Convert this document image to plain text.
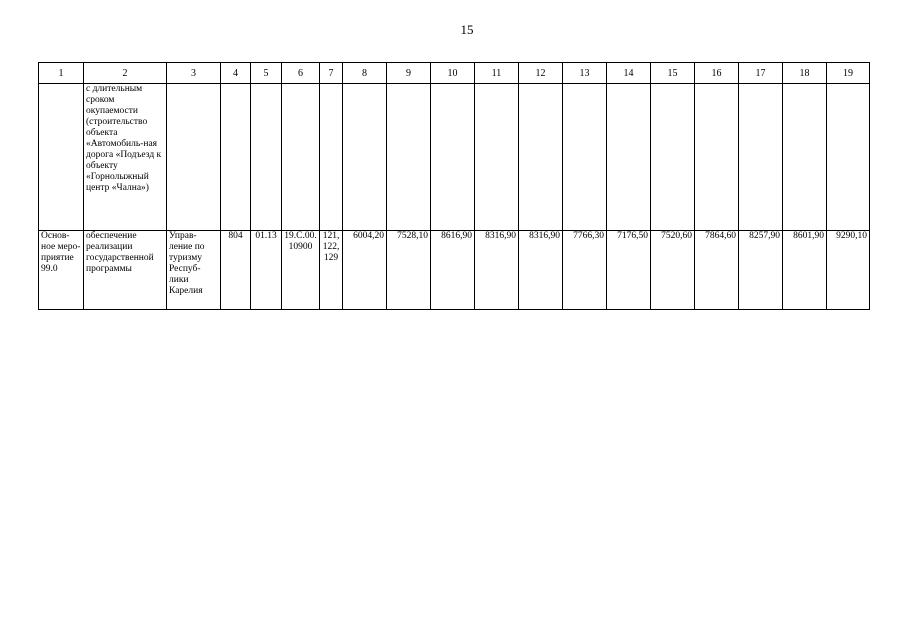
15
1	2	3	4	5	6	7	8	9	10	11	12	13	14	15	16	17	18	19
	с длительным сроком окупаемости (строительство объекта «Автомобиль-ная дорога «Подъезд к объекту «Горнолыжный центр «Чална»)																	
Основ-ное меро-приятие 99.0	обеспечение реализации государственной программы	Управ-ление по туризму Респуб-лики Карелия	804	01.13	19.С.00. 10900	121, 122, 129	6004,20	7528,10	8616,90	8316,90	8316,90	7766,30	7176,50	7520,60	7864,60	8257,90	8601,90	9290,10
